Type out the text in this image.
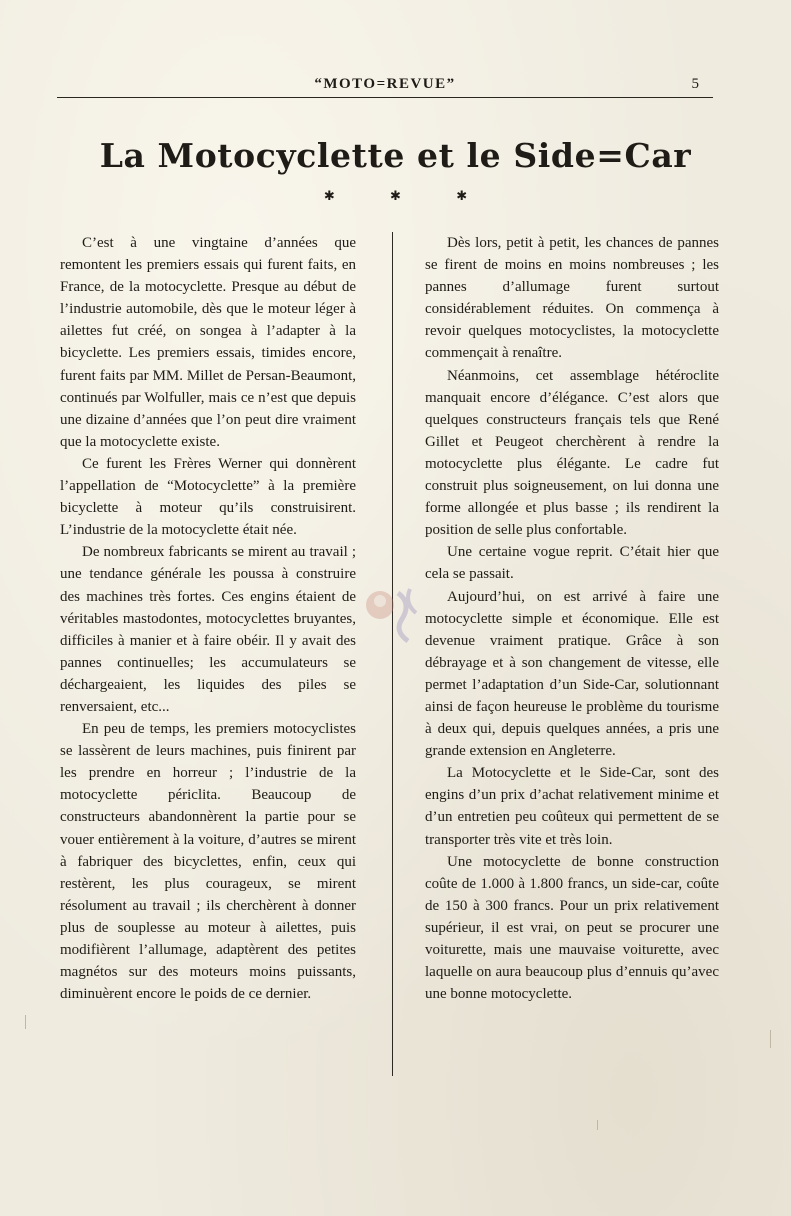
“MOTO=REVUE”	5
La Motocyclette et le Side=Car
✱ ✱ ✱

C’est à une vingtaine d’années que remontent les premiers essais qui furent faits, en France, de la motocyclette. Presque au début de l’industrie automobile, dès que le moteur léger à ailettes fut créé, on songea à l’adapter à la bicyclette. Les premiers essais, timides encore, furent faits par MM. Millet de Persan-Beaumont, continués par Wolfuller, mais ce n’est que depuis une dizaine d’années que l’on peut dire vraiment que la motocyclette existe.

Ce furent les Frères Werner qui donnèrent l’appellation de “Motocyclette” à la première bicyclette à moteur qu’ils construisirent. L’industrie de la motocyclette était née.

De nombreux fabricants se mirent au travail ; une tendance générale les poussa à construire des machines très fortes. Ces engins étaient de véritables mastodontes, motocyclettes bruyantes, difficiles à manier et à faire obéir. Il y avait des pannes continuelles; les accumulateurs se déchargeaient, les liquides des piles se renversaient, etc...

En peu de temps, les premiers motocyclistes se lassèrent de leurs machines, puis finirent par les prendre en horreur ; l’industrie de la motocyclette périclita. Beaucoup de constructeurs abandonnèrent la partie pour se vouer entièrement à la voiture, d’autres se mirent à fabriquer des bicyclettes, enfin, ceux qui restèrent, les plus courageux, se mirent résolument au travail ; ils cherchèrent à donner plus de souplesse au moteur à ailettes, puis modifièrent l’allumage, adaptèrent des petites magnétos sur des moteurs moins puissants, diminuèrent encore le poids de ce dernier.

Dès lors, petit à petit, les chances de pannes se firent de moins en moins nombreuses ; les pannes d’allumage furent surtout considérablement réduites. On commença à revoir quelques motocyclistes, la motocyclette commençait à renaître.

Néanmoins, cet assemblage hétéroclite manquait encore d’élégance. C’est alors que quelques constructeurs français tels que René Gillet et Peugeot cherchèrent à rendre la motocyclette plus élégante. Le cadre fut construit plus soigneusement, on lui donna une forme allongée et plus basse ; ils rendirent la position de selle plus confortable.

Une certaine vogue reprit. C’était hier que cela se passait.

Aujourd’hui, on est arrivé à faire une motocyclette simple et économique. Elle est devenue vraiment pratique. Grâce à son débrayage et à son changement de vitesse, elle permet l’adaptation d’un Side-Car, solutionnant ainsi de façon heureuse le problème du tourisme à deux qui, depuis quelques années, a pris une grande extension en Angleterre.

La Motocyclette et le Side-Car, sont des engins d’un prix d’achat relativement minime et d’un entretien peu coûteux qui permettent de se transporter très vite et très loin.

Une motocyclette de bonne construction coûte de 1.000 à 1.800 francs, un side-car, coûte de 150 à 300 francs. Pour un prix relativement supérieur, il est vrai, on peut se procurer une voiturette, mais une mauvaise voiturette, avec laquelle on aura beaucoup plus d’ennuis qu’avec une bonne motocyclette.
